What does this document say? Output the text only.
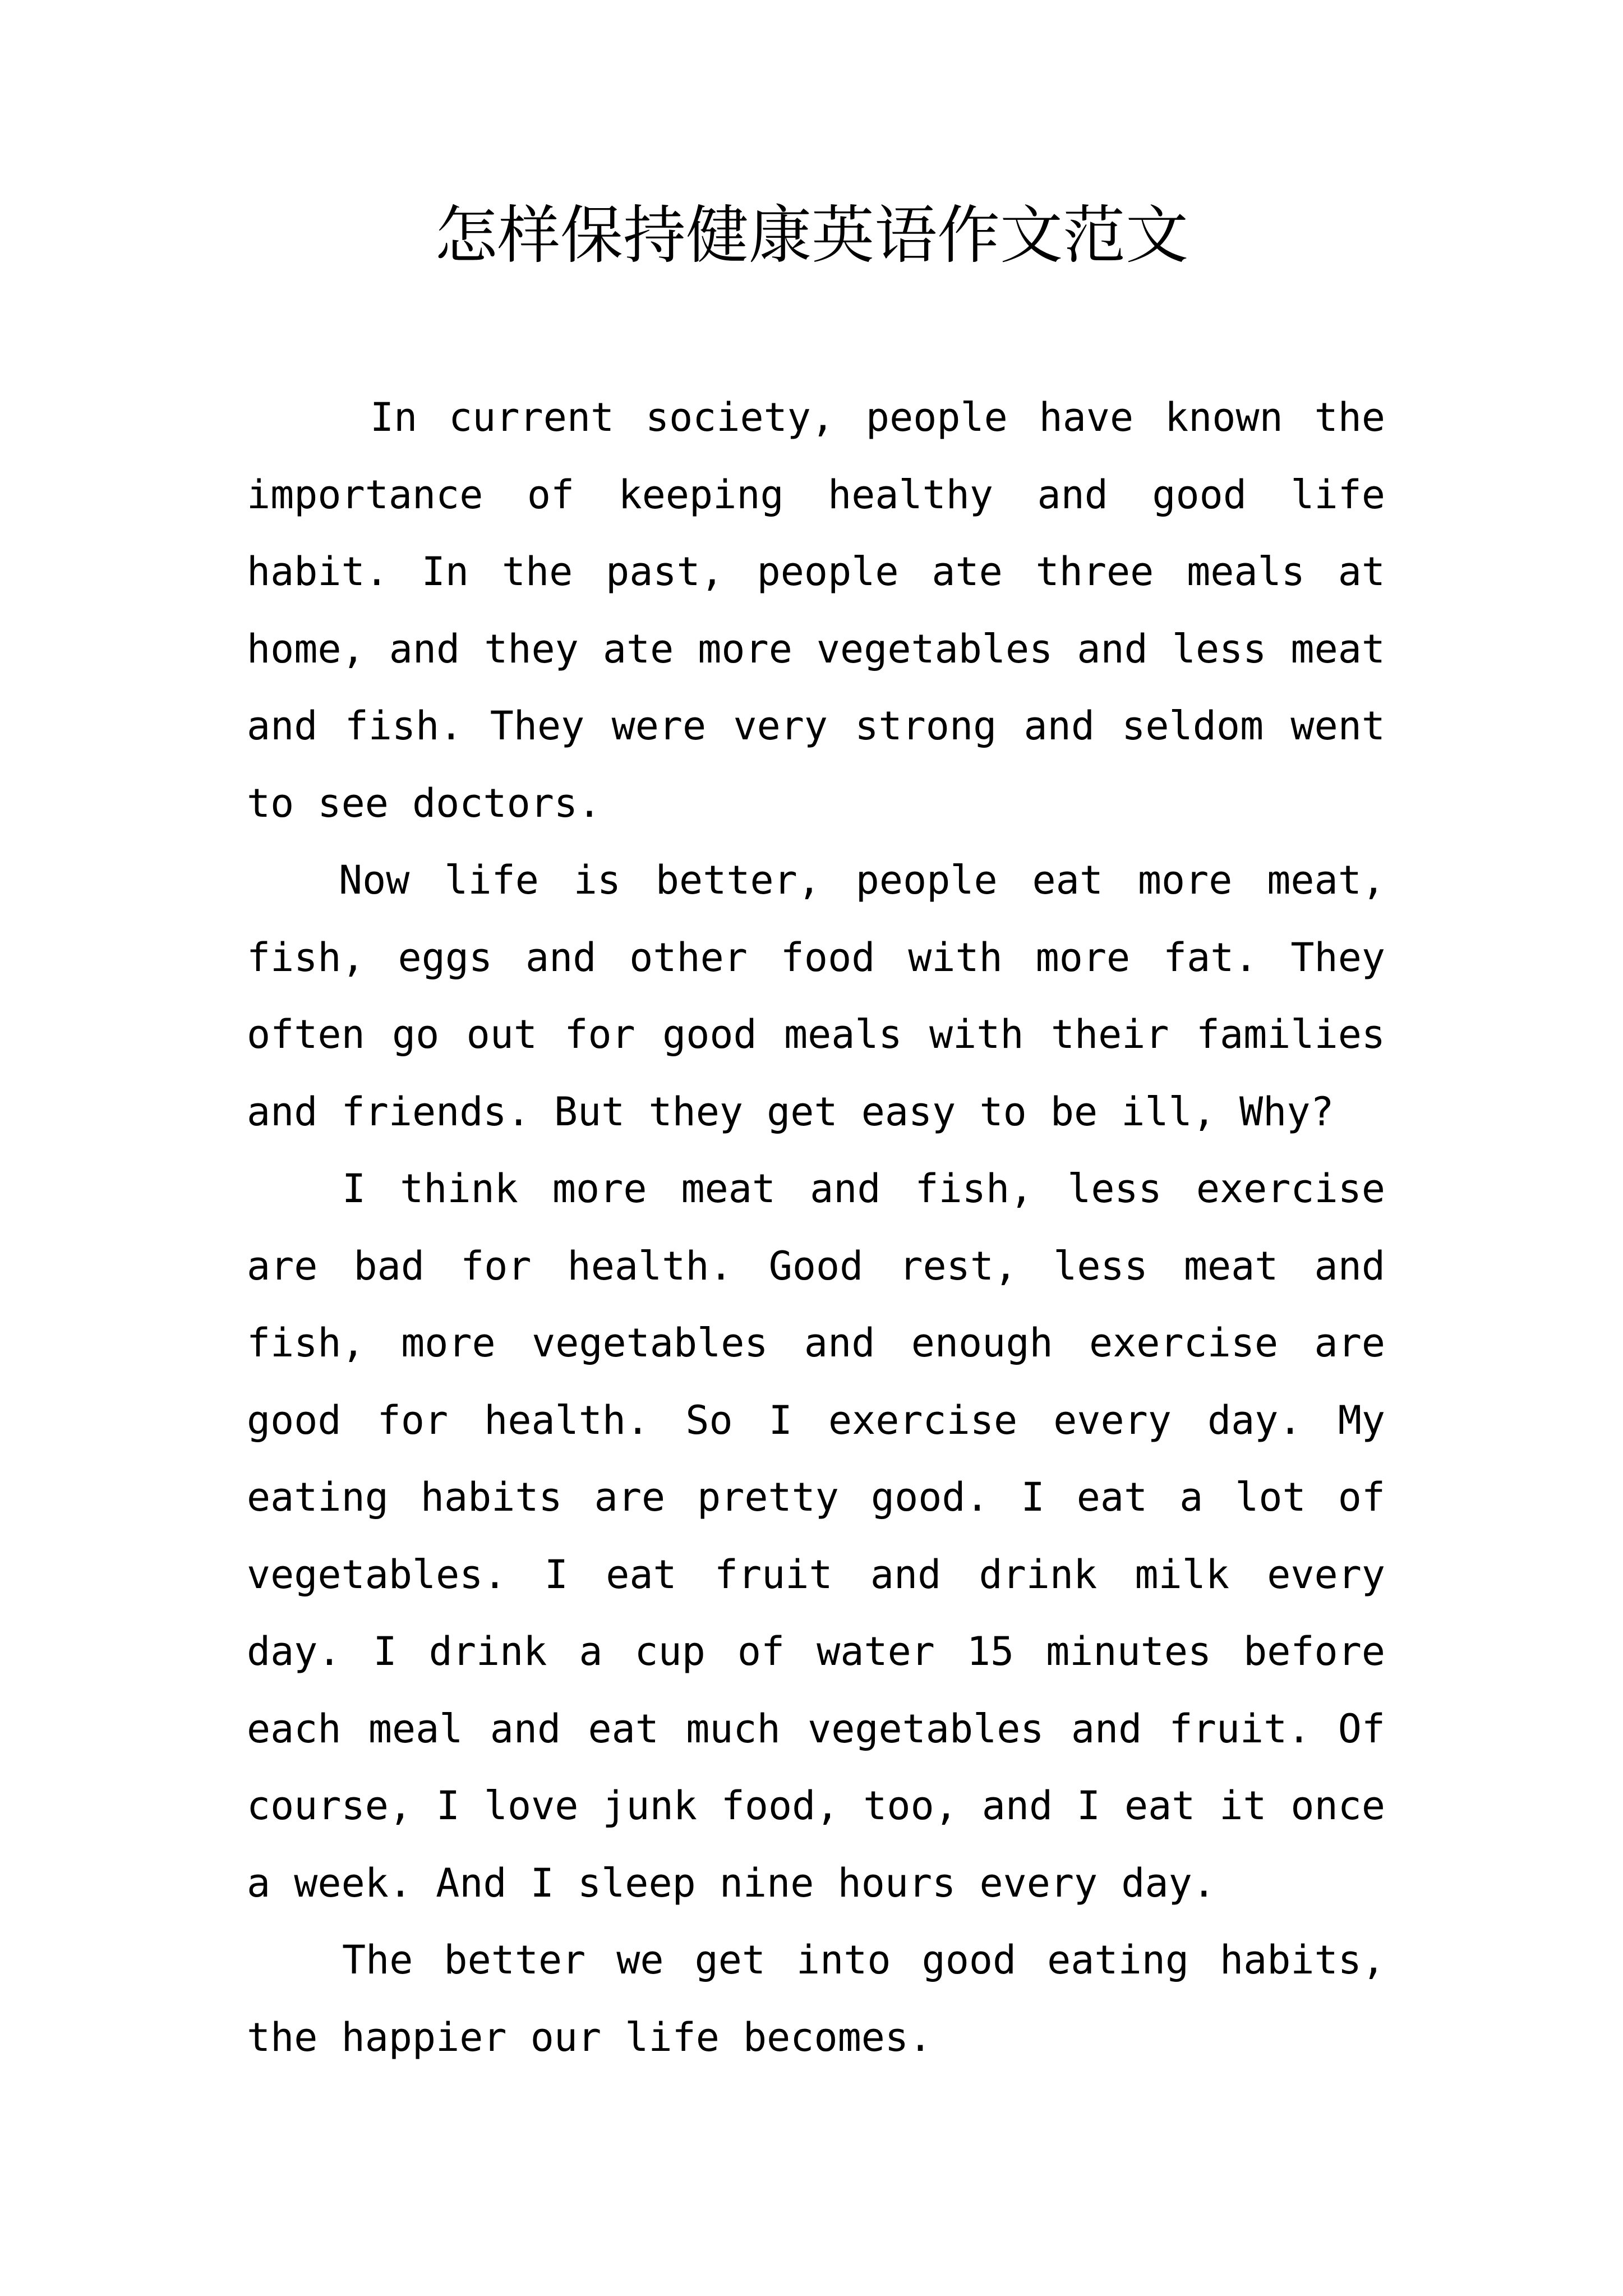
怎样保持健康英语作文范文

In current society, people have known the importance of keeping healthy and good life habit. In the past, people ate three meals at home, and they ate more vegetables and less meat and fish. They were very strong and seldom went to see doctors.

Now life is better, people eat more meat, fish, eggs and other food with more fat. They often go out for good meals with their families and friends. But they get easy to be ill, Why?

I think more meat and fish, less exercise are bad for health. Good rest, less meat and fish, more vegetables and enough exercise are good for health. So I exercise every day. My eating habits are pretty good. I eat a lot of vegetables. I eat fruit and drink milk every day. I drink a cup of water 15 minutes before each meal and eat much vegetables and fruit. Of course, I love junk food, too, and I eat it once a week. And I sleep nine hours every day.

The better we get into good eating habits, the happier our life becomes.
